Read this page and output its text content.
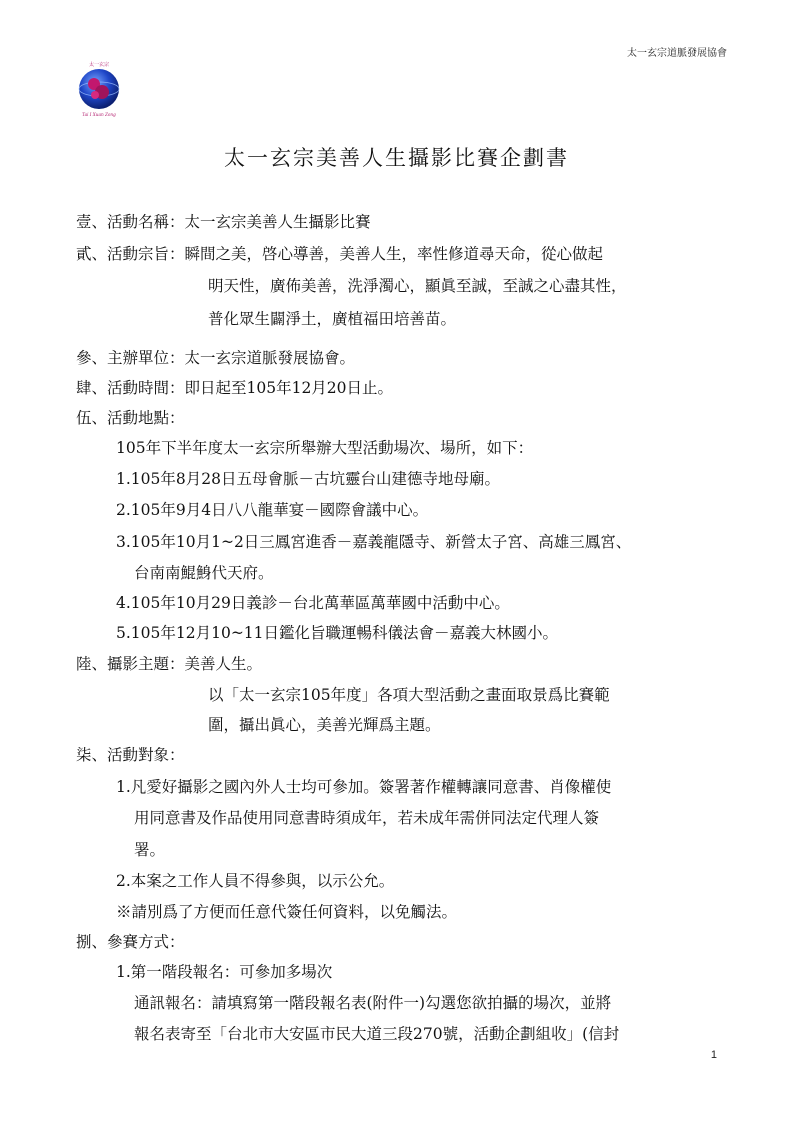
太一玄宗道脈發展協會
太一玄宗
Tai I Xuan Zong
太一玄宗美善人生攝影比賽企劃書
壹、活動名稱：太一玄宗美善人生攝影比賽
貳、活動宗旨：瞬間之美，啓心導善，美善人生，率性修道尋天命，從心做起
明天性，廣佈美善，洗淨濁心，顯眞至誠，至誠之心盡其性，
普化眾生闢淨土，廣植福田培善苗。
參、主辦單位：太一玄宗道脈發展協會。
肆、活動時間：即日起至105年12月20日止。
伍、活動地點：
105年下半年度太一玄宗所舉辦大型活動場次、場所，如下：
1.105年8月28日五母會脈－古坑靈台山建德寺地母廟。
2.105年9月4日八八龍華宴－國際會議中心。
3.105年10月1~2日三鳳宮進香－嘉義龍隱寺、新營太子宮、高雄三鳳宮、
台南南鯤鯓代天府。
4.105年10月29日義診－台北萬華區萬華國中活動中心。
5.105年12月10~11日鑑化旨職運暢科儀法會－嘉義大林國小。
陸、攝影主題：美善人生。
以「太一玄宗105年度」各項大型活動之畫面取景爲比賽範
圍，攝出眞心，美善光輝爲主題。
柒、活動對象：
1.凡愛好攝影之國內外人士均可參加。簽署著作權轉讓同意書、肖像權使
用同意書及作品使用同意書時須成年，若未成年需併同法定代理人簽
署。
2.本案之工作人員不得參與，以示公允。
※請別爲了方便而任意代簽任何資料，以免觸法。
捌、參賽方式：
1.第一階段報名：可參加多場次
通訊報名：請填寫第一階段報名表(附件一)勾選您欲拍攝的場次，並將
報名表寄至「台北市大安區市民大道三段270號，活動企劃組收」(信封
1
